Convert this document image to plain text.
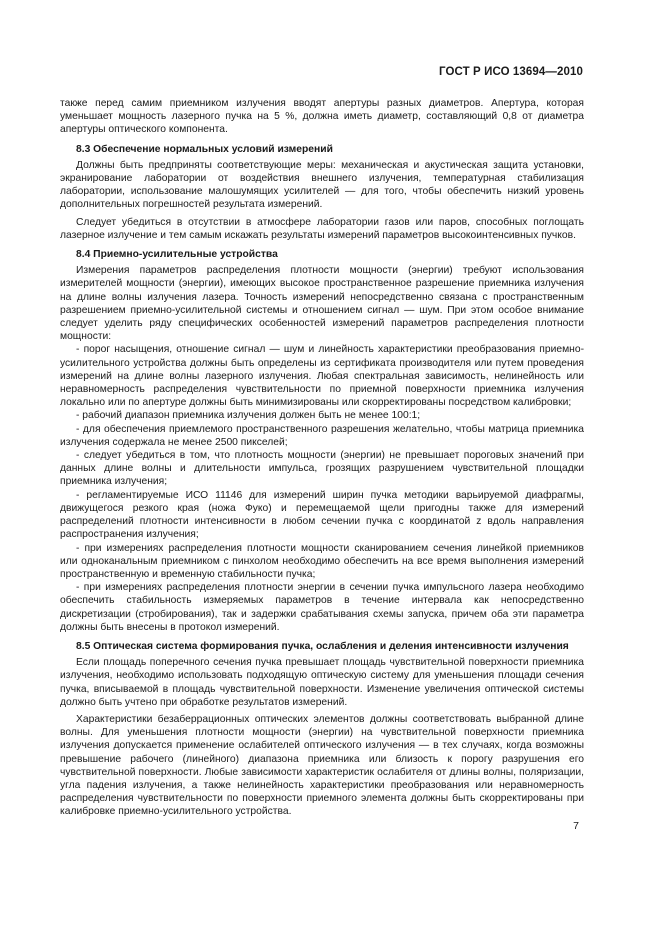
ГОСТ Р ИСО 13694—2010

также перед самим приемником излучения вводят апертуры разных диаметров. Апертура, которая уменьшает мощность лазерного пучка на 5 %, должна иметь диаметр, составляющий 0,8 от диаметра апертуры оптического компонента.

8.3 Обеспечение нормальных условий измерений

Должны быть предприняты соответствующие меры: механическая и акустическая защита установки, экранирование лаборатории от воздействия внешнего излучения, температурная стабилизация лаборатории, использование малошумящих усилителей — для того, чтобы обеспечить низкий уровень дополнительных погрешностей результата измерений.

Следует убедиться в отсутствии в атмосфере лаборатории газов или паров, способных поглощать лазерное излучение и тем самым искажать результаты измерений параметров высокоинтенсивных пучков.

8.4 Приемно-усилительные устройства

Измерения параметров распределения плотности мощности (энергии) требуют использования измерителей мощности (энергии), имеющих высокое пространственное разрешение приемника излучения на длине волны излучения лазера. Точность измерений непосредственно связана с пространственным разрешением приемно-усилительной системы и отношением сигнал — шум. При этом особое внимание следует уделить ряду специфических особенностей измерений параметров распределения плотности мощности:

- порог насыщения, отношение сигнал — шум и линейность характеристики преобразования приемно-усилительного устройства должны быть определены из сертификата производителя или путем проведения измерений на длине волны лазерного излучения. Любая спектральная зависимость, нелинейность или неравномерность распределения чувствительности по приемной поверхности приемника излучения локально или по апертуре должны быть минимизированы или скорректированы посредством калибровки;

- рабочий диапазон приемника излучения должен быть не менее 100:1;

- для обеспечения приемлемого пространственного разрешения желательно, чтобы матрица приемника излучения содержала не менее 2500 пикселей;

- следует убедиться в том, что плотность мощности (энергии) не превышает пороговых значений при данных длине волны и длительности импульса, грозящих разрушением чувствительной площадки приемника излучения;

- регламентируемые ИСО 11146 для измерений ширин пучка методики варьируемой диафрагмы, движущегося резкого края (ножа Фуко) и перемещаемой щели пригодны также для измерений распределений плотности интенсивности в любом сечении пучка с координатой z вдоль направления распространения излучения;

- при измерениях распределения плотности мощности сканированием сечения линейкой приемников или одноканальным приемником с пинхолом необходимо обеспечить на все время выполнения измерений пространственную и временную стабильности пучка;

- при измерениях распределения плотности энергии в сечении пучка импульсного лазера необходимо обеспечить стабильность измеряемых параметров в течение интервала как непосредственно дискретизации (стробирования), так и задержки срабатывания схемы запуска, причем оба эти параметра должны быть внесены в протокол измерений.

8.5 Оптическая система формирования пучка, ослабления и деления интенсивности излучения

Если площадь поперечного сечения пучка превышает площадь чувствительной поверхности приемника излучения, необходимо использовать подходящую оптическую систему для уменьшения площади сечения пучка, вписываемой в площадь чувствительной поверхности. Изменение увеличения оптической системы должно быть учтено при обработке результатов измерений.

Характеристики безаберрационных оптических элементов должны соответствовать выбранной длине волны. Для уменьшения плотности мощности (энергии) на чувствительной поверхности приемника излучения допускается применение ослабителей оптического излучения — в тех случаях, когда возможны превышение рабочего (линейного) диапазона приемника или близость к порогу разрушения его чувствительной поверхности. Любые зависимости характеристик ослабителя от длины волны, поляризации, угла падения излучения, а также нелинейность характеристики преобразования или неравномерность распределения чувствительности по поверхности приемного элемента должны быть скорректированы при калибровке приемно-усилительного устройства.

7
